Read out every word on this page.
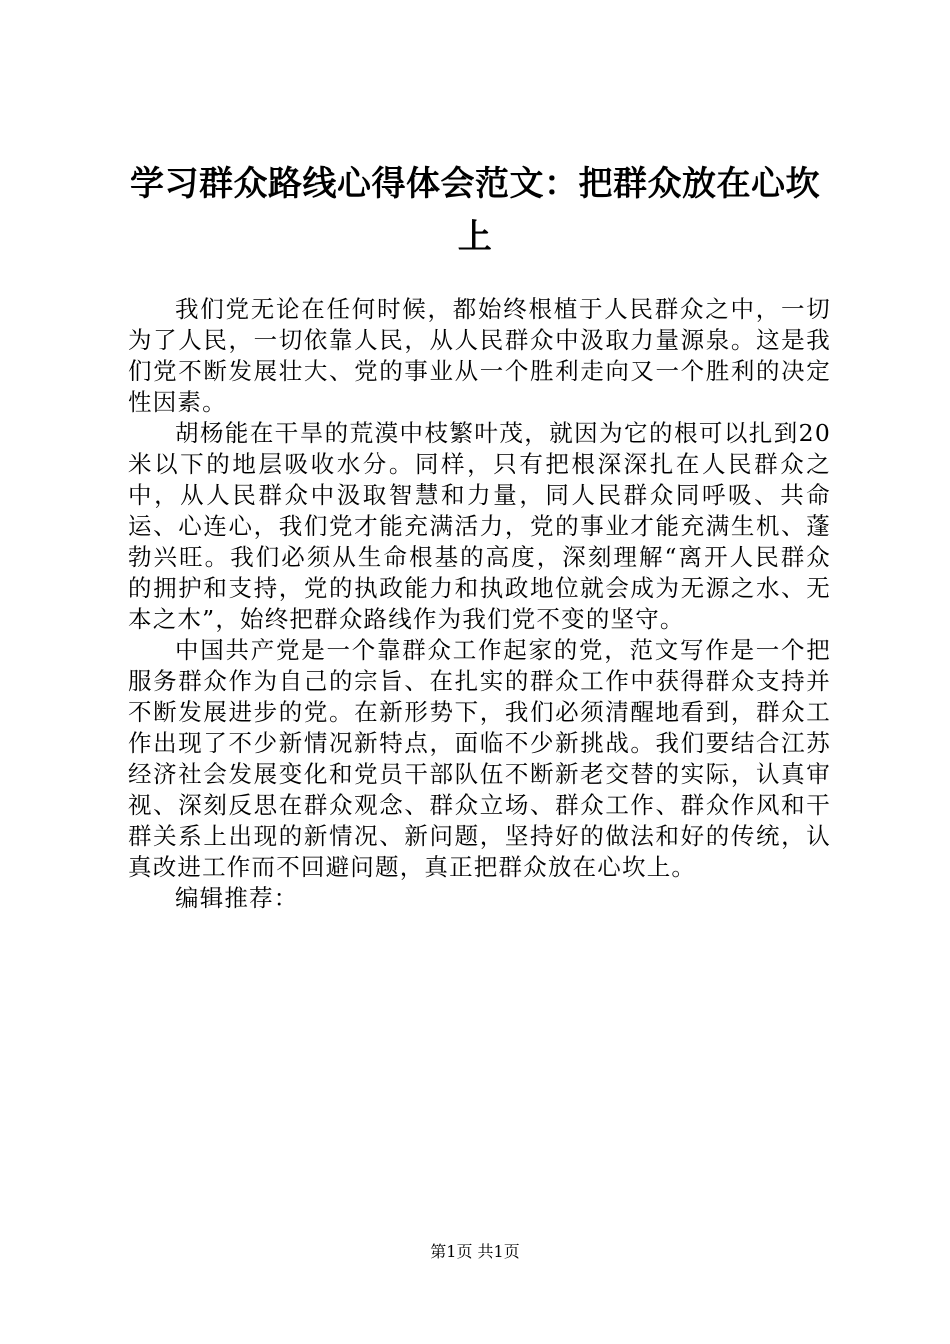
学习群众路线心得体会范文：把群众放在心坎上

我们党无论在任何时候，都始终根植于人民群众之中，一切为了人民，一切依靠人民，从人民群众中汲取力量源泉。这是我们党不断发展壮大、党的事业从一个胜利走向又一个胜利的决定性因素。

胡杨能在干旱的荒漠中枝繁叶茂，就因为它的根可以扎到20米以下的地层吸收水分。同样，只有把根深深扎在人民群众之中，从人民群众中汲取智慧和力量，同人民群众同呼吸、共命运、心连心，我们党才能充满活力，党的事业才能充满生机、蓬勃兴旺。我们必须从生命根基的高度，深刻理解“离开人民群众的拥护和支持，党的执政能力和执政地位就会成为无源之水、无本之木”，始终把群众路线作为我们党不变的坚守。

中国共产党是一个靠群众工作起家的党，范文写作是一个把服务群众作为自己的宗旨、在扎实的群众工作中获得群众支持并不断发展进步的党。在新形势下，我们必须清醒地看到，群众工作出现了不少新情况新特点，面临不少新挑战。我们要结合江苏经济社会发展变化和党员干部队伍不断新老交替的实际，认真审视、深刻反思在群众观念、群众立场、群众工作、群众作风和干群关系上出现的新情况、新问题，坚持好的做法和好的传统，认真改进工作而不回避问题，真正把群众放在心坎上。

编辑推荐：

第1页 共1页
